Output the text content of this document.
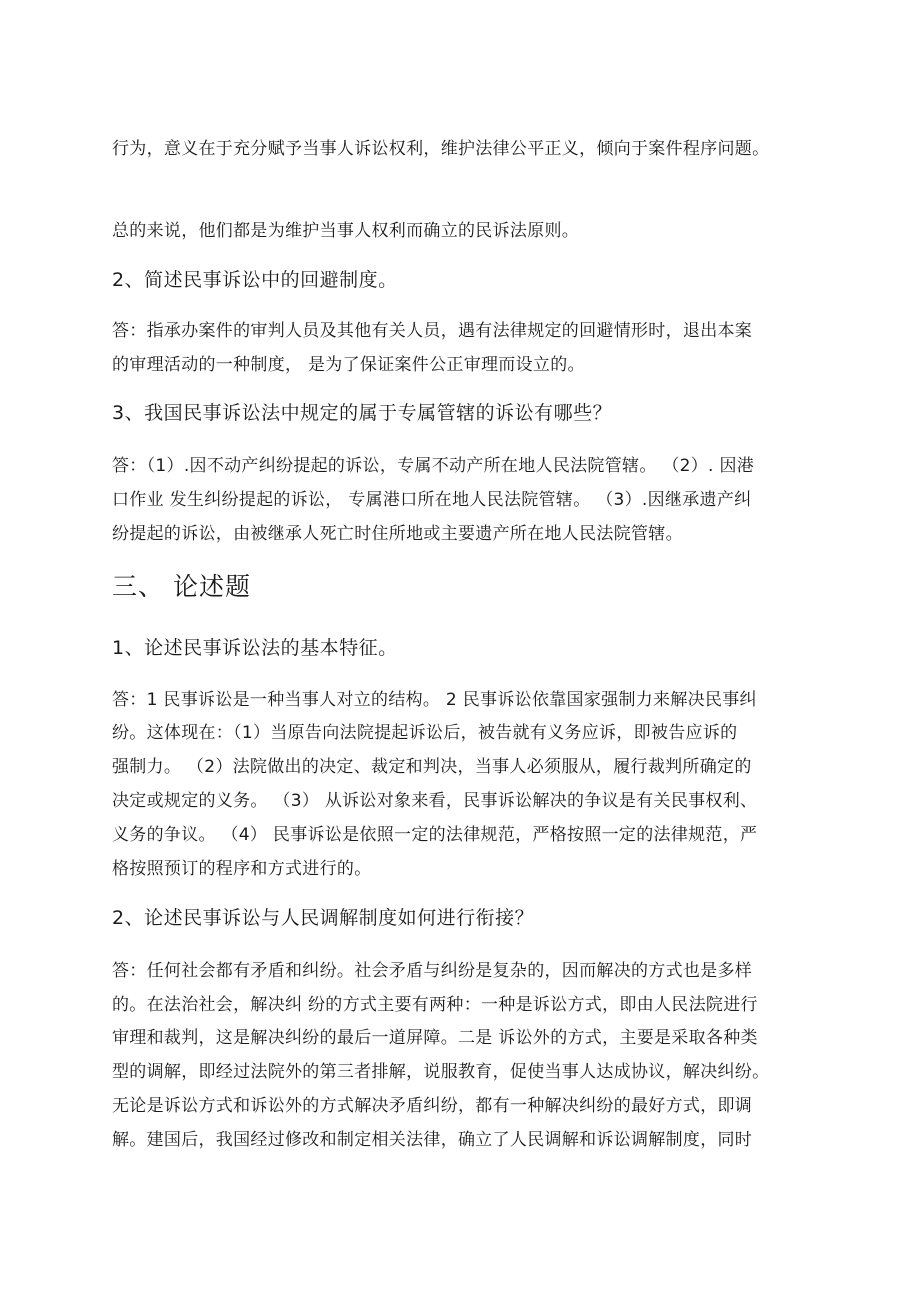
行为，意义在于充分赋予当事人诉讼权利，维护法律公平正义，倾向于案件程序问题。
总的来说，他们都是为维护当事人权利而确立的民诉法原则。
2、简述民事诉讼中的回避制度。
答：指承办案件的审判人员及其他有关人员，遇有法律规定的回避情形时，退出本案
的审理活动的一种制度， 是为了保证案件公正审理而设立的。
3、我国民事诉讼法中规定的属于专属管辖的诉讼有哪些？
答：（1）.因不动产纠纷提起的诉讼，专属不动产所在地人民法院管辖。 （2）. 因港
口作业 发生纠纷提起的诉讼， 专属港口所在地人民法院管辖。 （3）.因继承遗产纠
纷提起的诉讼，由被继承人死亡时住所地或主要遗产所在地人民法院管辖。
三、 论述题
1、论述民事诉讼法的基本特征。
答：1 民事诉讼是一种当事人对立的结构。 2 民事诉讼依靠国家强制力来解决民事纠
纷。这体现在：（1）当原告向法院提起诉讼后，被告就有义务应诉，即被告应诉的
强制力。 （2）法院做出的决定、裁定和判决，当事人必须服从，履行裁判所确定的
决定或规定的义务。 （3） 从诉讼对象来看，民事诉讼解决的争议是有关民事权利、
义务的争议。 （4） 民事诉讼是依照一定的法律规范，严格按照一定的法律规范，严
格按照预订的程序和方式进行的。
2、论述民事诉讼与人民调解制度如何进行衔接？
答：任何社会都有矛盾和纠纷。社会矛盾与纠纷是复杂的，因而解决的方式也是多样
的。在法治社会，解决纠 纷的方式主要有两种：一种是诉讼方式，即由人民法院进行
审理和裁判，这是解决纠纷的最后一道屏障。二是 诉讼外的方式，主要是采取各种类
型的调解，即经过法院外的第三者排解，说服教育，促使当事人达成协议，解决纠纷。
无论是诉讼方式和诉讼外的方式解决矛盾纠纷，都有一种解决纠纷的最好方式，即调
解。建国后，我国经过修改和制定相关法律，确立了人民调解和诉讼调解制度，同时
